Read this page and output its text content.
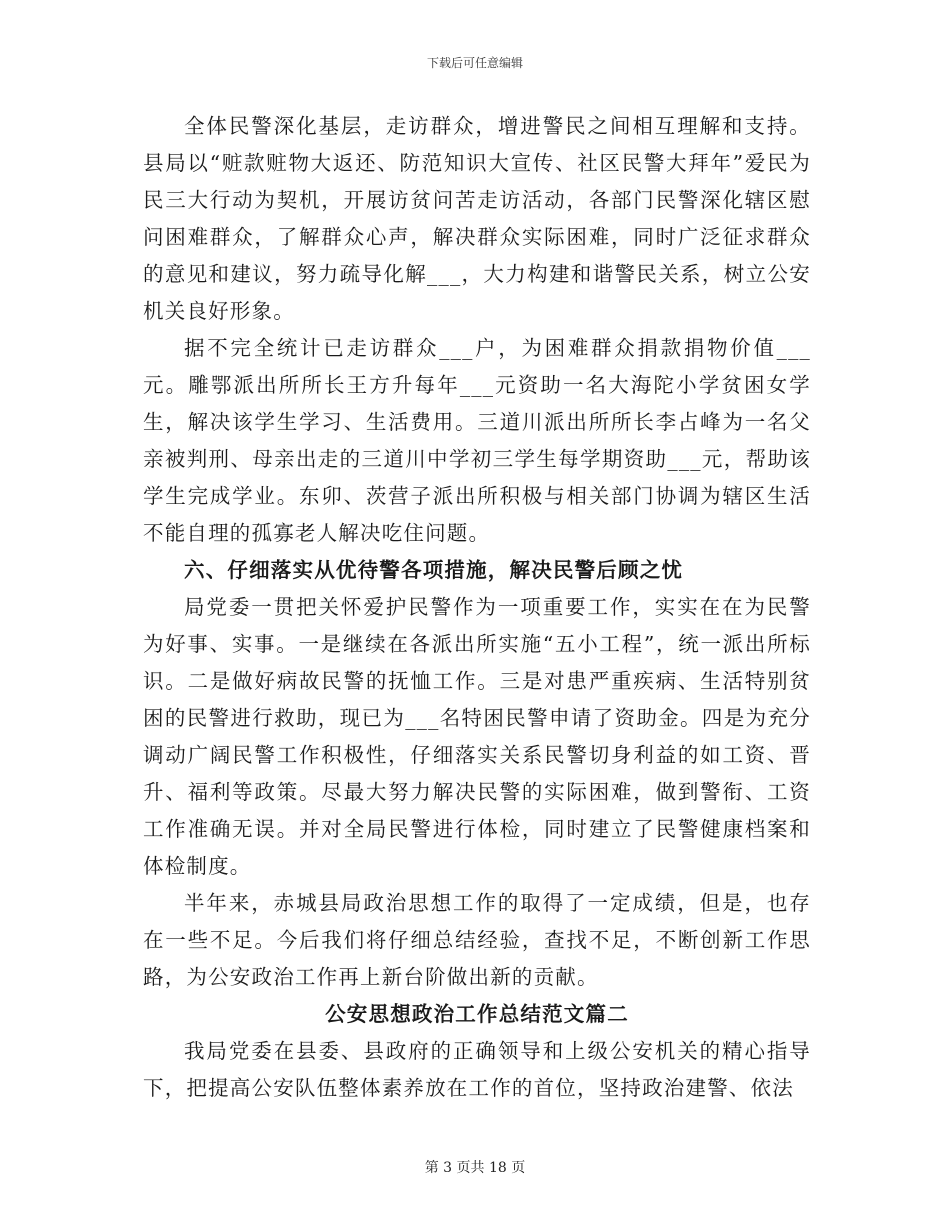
下载后可任意编辑

全体民警深化基层，走访群众，增进警民之间相互理解和支持。县局以“赃款赃物大返还、防范知识大宣传、社区民警大拜年”爱民为民三大行动为契机，开展访贫问苦走访活动，各部门民警深化辖区慰问困难群众，了解群众心声，解决群众实际困难，同时广泛征求群众的意见和建议，努力疏导化解___，大力构建和谐警民关系，树立公安机关良好形象。

据不完全统计已走访群众___户，为困难群众捐款捐物价值___元。雕鄂派出所所长王方升每年___元资助一名大海陀小学贫困女学生，解决该学生学习、生活费用。三道川派出所所长李占峰为一名父亲被判刑、母亲出走的三道川中学初三学生每学期资助___元，帮助该学生完成学业。东卯、茨营子派出所积极与相关部门协调为辖区生活不能自理的孤寡老人解决吃住问题。

六、仔细落实从优待警各项措施，解决民警后顾之忧

局党委一贯把关怀爱护民警作为一项重要工作，实实在在为民警为好事、实事。一是继续在各派出所实施“五小工程”，统一派出所标识。二是做好病故民警的抚恤工作。三是对患严重疾病、生活特别贫困的民警进行救助，现已为___名特困民警申请了资助金。四是为充分调动广阔民警工作积极性，仔细落实关系民警切身利益的如工资、晋升、福利等政策。尽最大努力解决民警的实际困难，做到警衔、工资工作准确无误。并对全局民警进行体检，同时建立了民警健康档案和体检制度。

半年来，赤城县局政治思想工作的取得了一定成绩，但是，也存在一些不足。今后我们将仔细总结经验，查找不足，不断创新工作思路，为公安政治工作再上新台阶做出新的贡献。

公安思想政治工作总结范文篇二

我局党委在县委、县政府的正确领导和上级公安机关的精心指导下，把提高公安队伍整体素养放在工作的首位，坚持政治建警、依法

第 3 页共 18 页
